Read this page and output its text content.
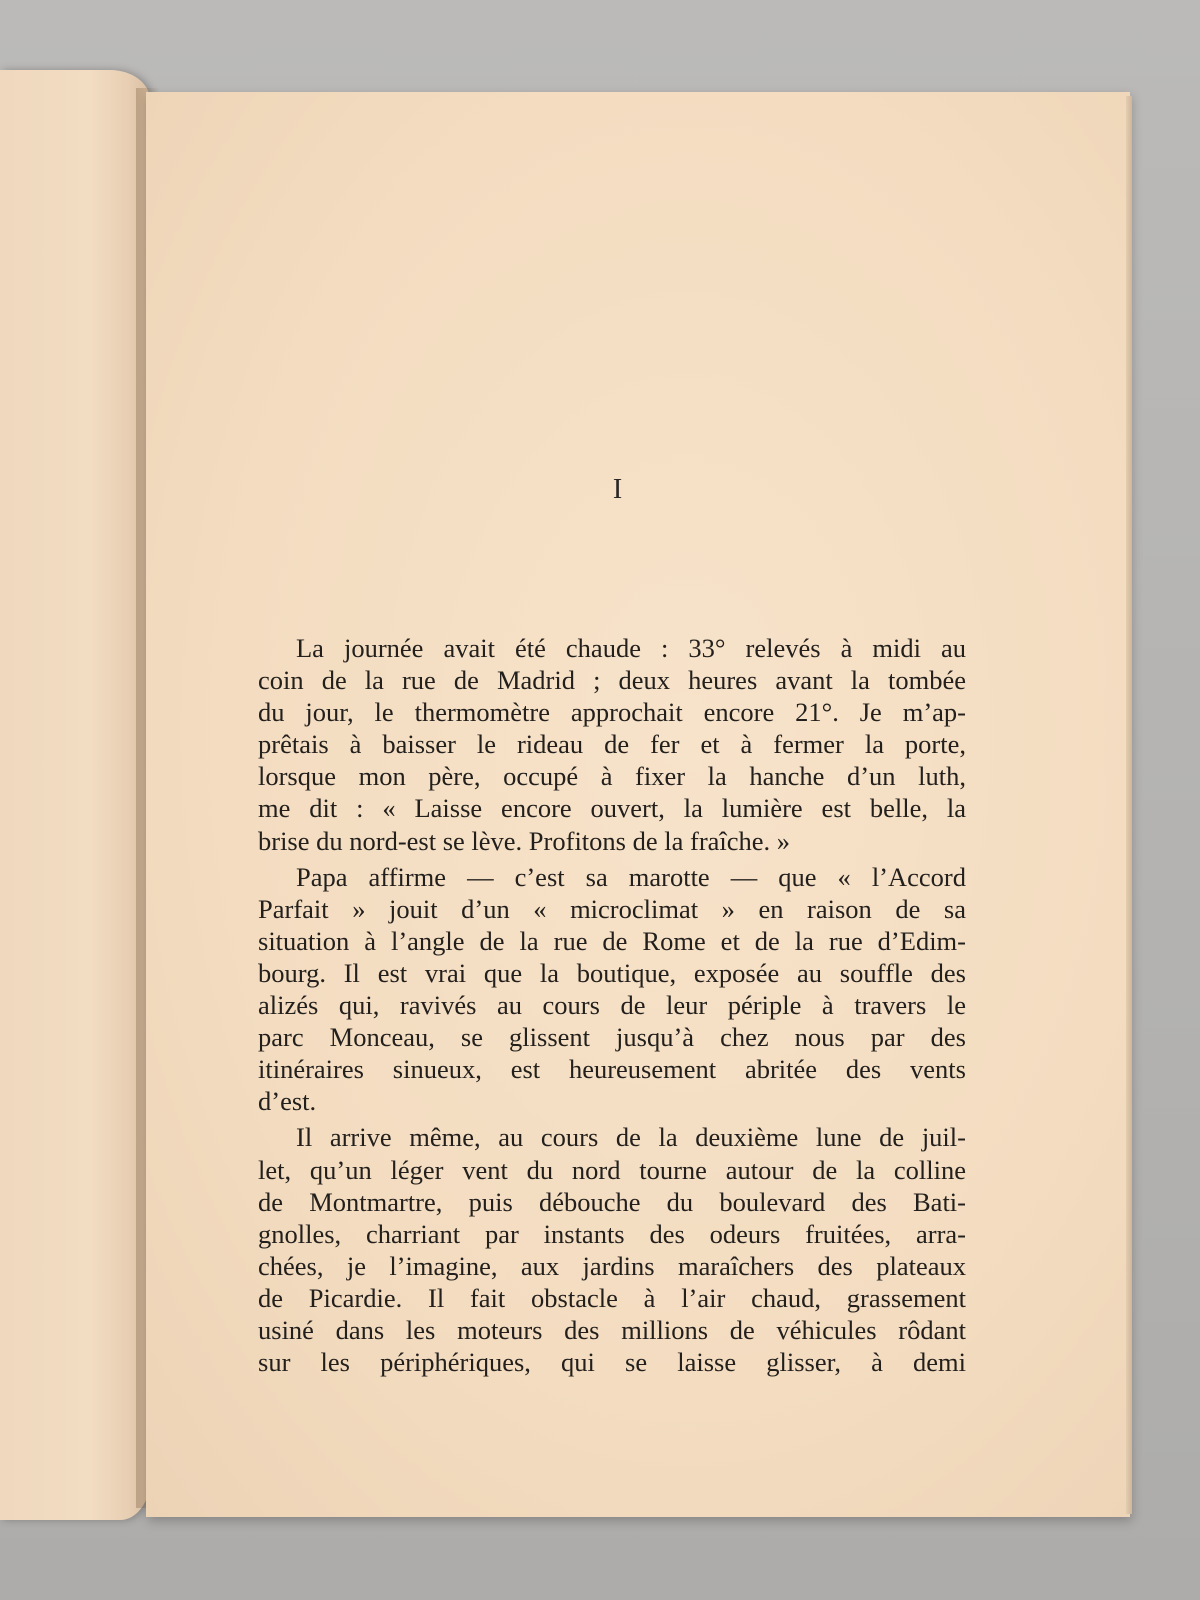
I
La journée avait été chaude : 33° relevés à midi au
coin de la rue de Madrid ; deux heures avant la tombée
du jour, le thermomètre approchait encore 21°. Je m’ap-
prêtais à baisser le rideau de fer et à fermer la porte,
lorsque mon père, occupé à fixer la hanche d’un luth,
me dit : « Laisse encore ouvert, la lumière est belle, la
brise du nord-est se lève. Profitons de la fraîche. »
Papa affirme — c’est sa marotte — que « l’Accord
Parfait » jouit d’un « microclimat » en raison de sa
situation à l’angle de la rue de Rome et de la rue d’Edim-
bourg. Il est vrai que la boutique, exposée au souffle des
alizés qui, ravivés au cours de leur périple à travers le
parc Monceau, se glissent jusqu’à chez nous par des
itinéraires sinueux, est heureusement abritée des vents
d’est.
Il arrive même, au cours de la deuxième lune de juil-
let, qu’un léger vent du nord tourne autour de la colline
de Montmartre, puis débouche du boulevard des Bati-
gnolles, charriant par instants des odeurs fruitées, arra-
chées, je l’imagine, aux jardins maraîchers des plateaux
de Picardie. Il fait obstacle à l’air chaud, grassement
usiné dans les moteurs des millions de véhicules rôdant
sur les périphériques, qui se laisse glisser, à demi
